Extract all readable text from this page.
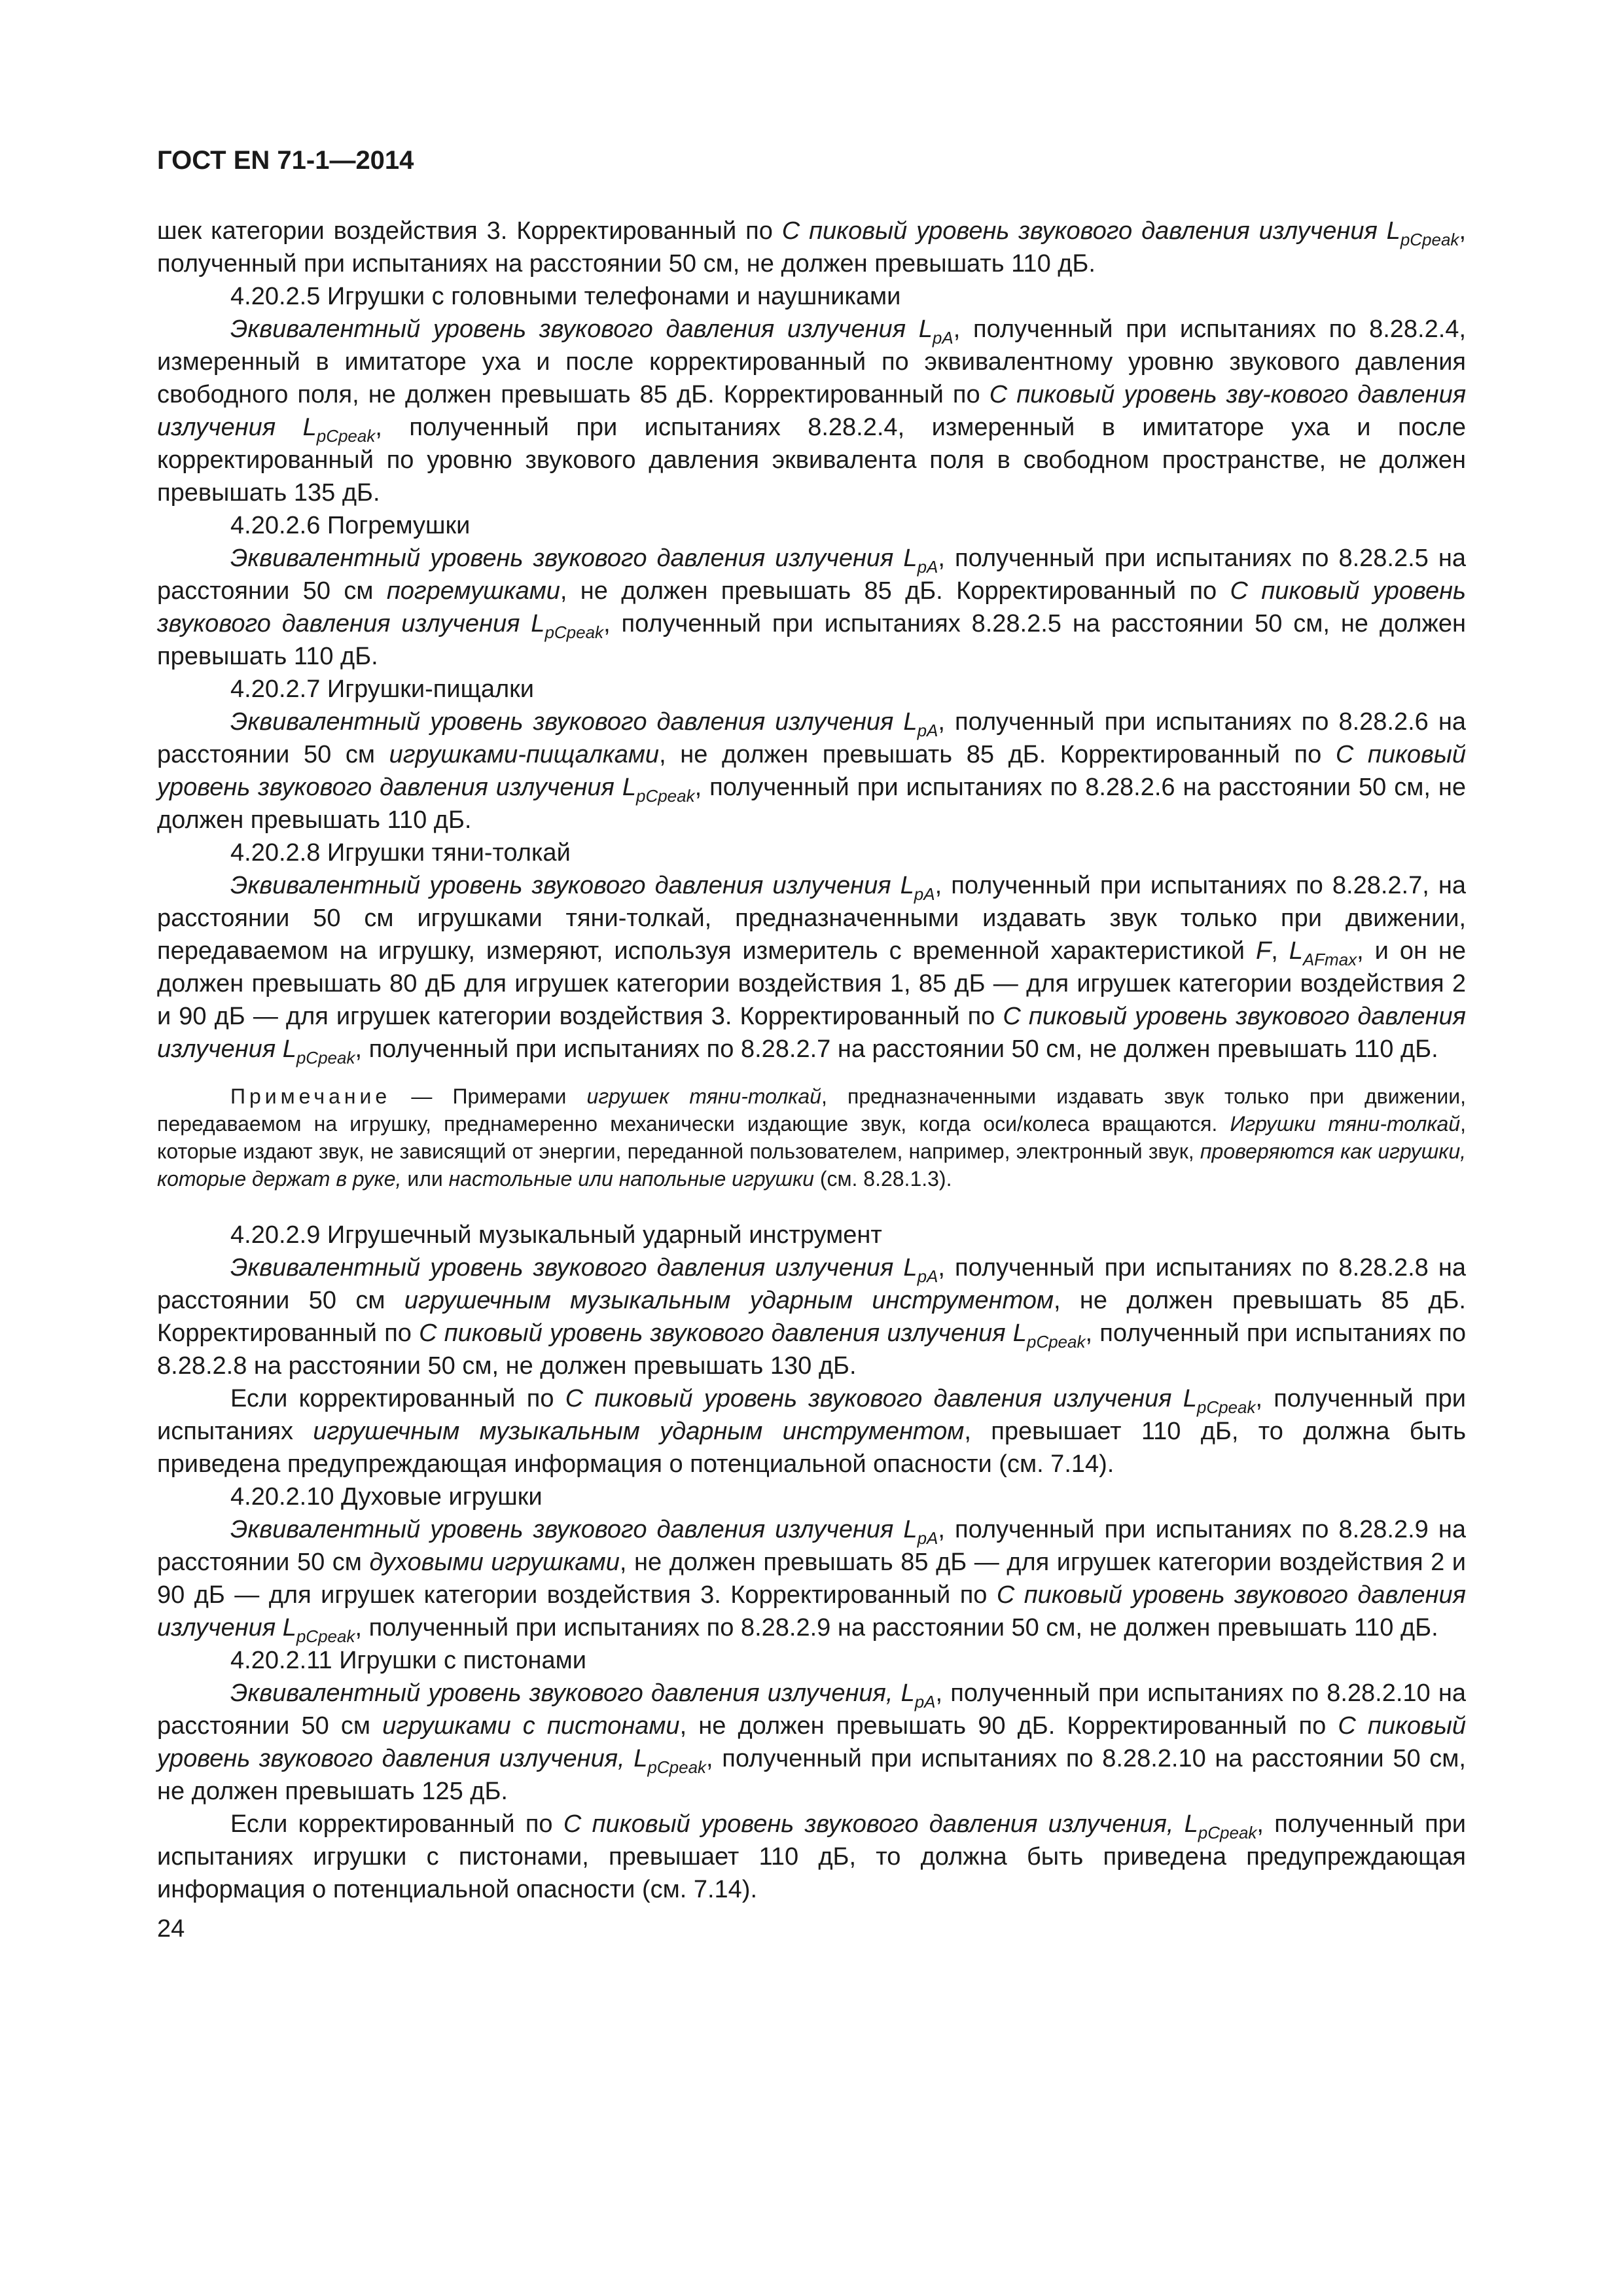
ГОСТ EN 71-1—2014

шек категории воздействия 3. Корректированный по С пиковый уровень звукового давления излучения $L_{pCpeak}$, полученный при испытаниях на расстоянии 50 см, не должен превышать 110 дБ.

4.20.2.5 Игрушки с головными телефонами и наушниками

Эквивалентный уровень звукового давления излучения $L_{pA}$, полученный при испытаниях по 8.28.2.4, измеренный в имитаторе уха и после корректированный по эквивалентному уровню звукового давления свободного поля, не должен превышать 85 дБ. Корректированный по С пиковый уровень зву-кового давления излучения $L_{pCpeak}$, полученный при испытаниях 8.28.2.4, измеренный в имитаторе уха и после корректированный по уровню звукового давления эквивалента поля в свободном пространстве, не должен превышать 135 дБ.

4.20.2.6 Погремушки

Эквивалентный уровень звукового давления излучения $L_{pA}$, полученный при испытаниях по 8.28.2.5 на расстоянии 50 см погремушками, не должен превышать 85 дБ. Корректированный по С пиковый уровень звукового давления излучения $L_{pCpeak}$, полученный при испытаниях 8.28.2.5 на расстоянии 50 см, не должен превышать 110 дБ.

4.20.2.7 Игрушки-пищалки

Эквивалентный уровень звукового давления излучения $L_{pA}$, полученный при испытаниях по 8.28.2.6 на расстоянии 50 см игрушками-пищалками, не должен превышать 85 дБ. Корректированный по С пиковый уровень звукового давления излучения $L_{pCpeak}$, полученный при испытаниях по 8.28.2.6 на расстоянии 50 см, не должен превышать 110 дБ.

4.20.2.8 Игрушки тяни-толкай

Эквивалентный уровень звукового давления излучения $L_{pA}$, полученный при испытаниях по 8.28.2.7, на расстоянии 50 см игрушками тяни-толкай, предназначенными издавать звук только при движении, передаваемом на игрушку, измеряют, используя измеритель с временной характеристикой F, $L_{AFmax}$, и он не должен превышать 80 дБ для игрушек категории воздействия 1, 85 дБ — для игрушек категории воздействия 2 и 90 дБ — для игрушек категории воздействия 3. Корректированный по С пиковый уровень звукового давления излучения $L_{pCpeak}$, полученный при испытаниях по 8.28.2.7 на расстоянии 50 см, не должен превышать 110 дБ.

Примечание — Примерами игрушек тяни-толкай, предназначенными издавать звук только при движении, передаваемом на игрушку, преднамеренно механически издающие звук, когда оси/колеса вращаются. Игрушки тяни-толкай, которые издают звук, не зависящий от энергии, переданной пользователем, например, электронный звук, проверяются как игрушки, которые держат в руке, или настольные или напольные игрушки (см. 8.28.1.3).

4.20.2.9 Игрушечный музыкальный ударный инструмент

Эквивалентный уровень звукового давления излучения $L_{pA}$, полученный при испытаниях по 8.28.2.8 на расстоянии 50 см игрушечным музыкальным ударным инструментом, не должен превышать 85 дБ. Корректированный по С пиковый уровень звукового давления излучения $L_{pCpeak}$, полученный при испытаниях по 8.28.2.8 на расстоянии 50 см, не должен превышать 130 дБ.

Если корректированный по С пиковый уровень звукового давления излучения $L_{pCpeak}$, полученный при испытаниях игрушечным музыкальным ударным инструментом, превышает 110 дБ, то должна быть приведена предупреждающая информация о потенциальной опасности (см. 7.14).

4.20.2.10 Духовые игрушки

Эквивалентный уровень звукового давления излучения $L_{pA}$, полученный при испытаниях по 8.28.2.9 на расстоянии 50 см духовыми игрушками, не должен превышать 85 дБ — для игрушек категории воздействия 2 и 90 дБ — для игрушек категории воздействия 3. Корректированный по С пиковый уровень звукового давления излучения $L_{pCpeak}$, полученный при испытаниях по 8.28.2.9 на расстоянии 50 см, не должен превышать 110 дБ.

4.20.2.11 Игрушки с пистонами

Эквивалентный уровень звукового давления излучения, $L_{pA}$, полученный при испытаниях по 8.28.2.10 на расстоянии 50 см игрушками с пистонами, не должен превышать 90 дБ. Корректированный по С пиковый уровень звукового давления излучения, $L_{pCpeak}$, полученный при испытаниях по 8.28.2.10 на расстоянии 50 см, не должен превышать 125 дБ.

Если корректированный по С пиковый уровень звукового давления излучения, $L_{pCpeak}$, полученный при испытаниях игрушки с пистонами, превышает 110 дБ, то должна быть приведена предупреждающая информация о потенциальной опасности (см. 7.14).

24
